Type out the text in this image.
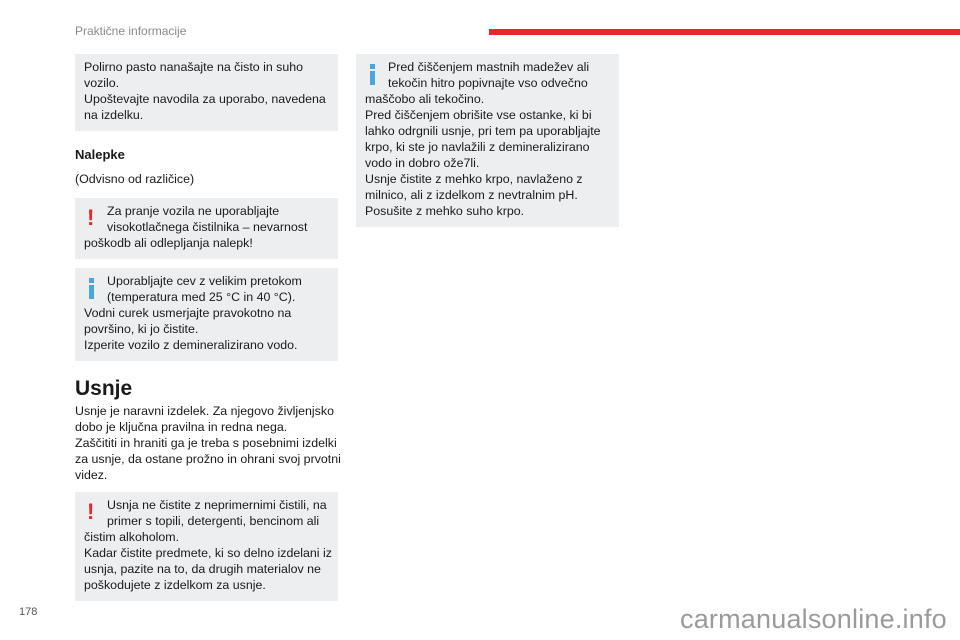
Praktične informacije
Polirno pasto nanašajte na čisto in suho
vozilo.
Upoštevajte navodila za uporabo, navedena
na izdelku.
Nalepke
(Odvisno od različice)
!	Za pranje vozila ne uporabljajte
visokotlačnega čistilnika – nevarnost
poškodb ali odlepljanja nalepk!
Uporabljajte cev z velikim pretokom
(temperatura med 25 °C in 40 °C).
Vodni curek usmerjajte pravokotno na
površino, ki jo čistite.
Izperite vozilo z demineralizirano vodo.
Usnje
Usnje je naravni izdelek. Za njegovo življenjsko
dobo je ključna pravilna in redna nega.
Zaščititi in hraniti ga je treba s posebnimi izdelki
za usnje, da ostane prožno in ohrani svoj prvotni
videz.
!	Usnja ne čistite z neprimernimi čistili, na
primer s topili, detergenti, bencinom ali
čistim alkoholom.
Kadar čistite predmete, ki so delno izdelani iz
usnja, pazite na to, da drugih materialov ne
poškodujete z izdelkom za usnje.
Pred čiščenjem mastnih madežev ali
tekočin hitro popivnajte vso odvečno
maščobo ali tekočino.
Pred čiščenjem obrišite vse ostanke, ki bi
lahko odrgnili usnje, pri tem pa uporabljajte
krpo, ki ste jo navlažili z demineralizirano
vodo in dobro ože7li.
Usnje čistite z mehko krpo, navlaženo z
milnico, ali z izdelkom z nevtralnim pH.
Posušite z mehko suho krpo.
178	carmanualsonline.info
